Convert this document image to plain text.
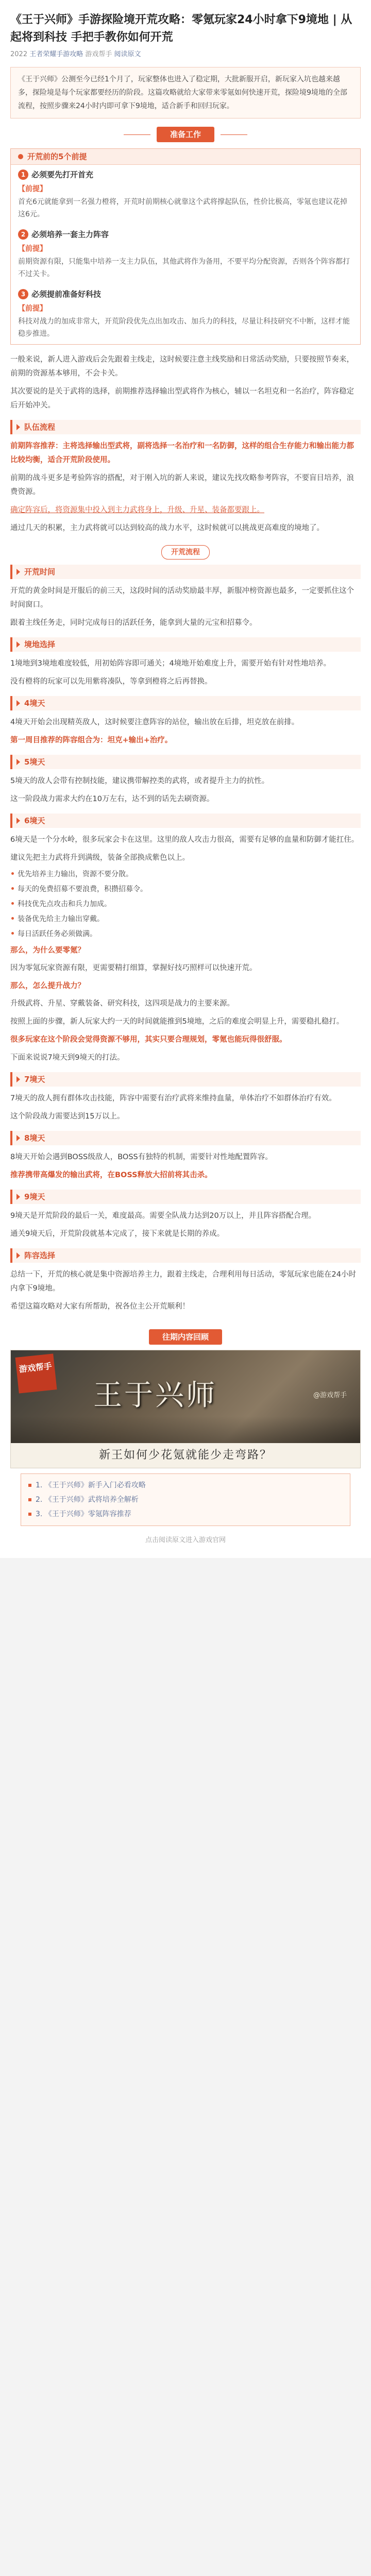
《王于兴师》手游探险境开荒攻略：零氪玩家24小时拿下9境地 | 从起将到科技 手把手教你如何开荒
2022 王者荣耀手游攻略 游戏帮手 阅读原文
《王于兴师》公测至今已经1个月了，玩家整体也进入了稳定期，大批新服开启，新玩家入坑也越来越多，探险境是每个玩家都要经历的阶段。这篇攻略就给大家带来零氪如何快速开荒，探险境9境地的全部流程，按照步骤来24小时内即可拿下9境地，适合新手和回归玩家。
准备工作
开荒前的5个前提
1 必须要先打开首充
【前提】

首充6元就能拿到一名强力橙将，开荒时前期核心就靠这个武将撑起队伍，性价比极高，零氪也建议花掉这6元。

2 必须培养一套主力阵容
【前提】

前期资源有限，只能集中培养一支主力队伍，其他武将作为备用，不要平均分配资源，否则各个阵容都打不过关卡。

3 必须提前准备好科技
【前提】

科技对战力的加成非常大，开荒阶段优先点出加攻击、加兵力的科技，尽量让科技研究不中断，这样才能稳步推进。

一般来说，新人进入游戏后会先跟着主线走，这时候要注意主线奖励和日常活动奖励，只要按照节奏来，前期的资源基本够用，不会卡关。

其次要说的是关于武将的选择，前期推荐选择输出型武将作为核心，辅以一名坦克和一名治疗，阵容稳定后开始冲关。

队伍流程

前期阵容推荐：主将选择输出型武将，副将选择一名治疗和一名防御，这样的组合生存能力和输出能力都比较均衡，适合开荒阶段使用。

前期的战斗更多是考验阵容的搭配，对于刚入坑的新人来说，建议先找攻略参考阵容，不要盲目培养，浪费资源。

确定阵容后，将资源集中投入到主力武将身上，升级、升星、装备都要跟上。

通过几天的积累，主力武将就可以达到较高的战力水平，这时候就可以挑战更高难度的境地了。

开荒流程
开荒时间

开荒的黄金时间是开服后的前三天，这段时间的活动奖励最丰厚，新服冲榜资源也最多，一定要抓住这个时间窗口。

跟着主线任务走，同时完成每日的活跃任务，能拿到大量的元宝和招募令。

境地选择

1境地到3境地难度较低，用初始阵容即可通关；4境地开始难度上升，需要开始有针对性地培养。

没有橙将的玩家可以先用紫将凑队，等拿到橙将之后再替换。

4境天

4境天开始会出现精英敌人，这时候要注意阵容的站位，输出放在后排，坦克放在前排。

第一周目推荐的阵容组合为：坦克+输出+治疗。

5境天

5境天的敌人会带有控制技能，建议携带解控类的武将，或者提升主力的抗性。

这一阶段战力需求大约在10万左右，达不到的话先去刷资源。

6境天

6境天是一个分水岭，很多玩家会卡在这里。这里的敌人攻击力很高，需要有足够的血量和防御才能扛住。

建议先把主力武将升到满级，装备全部换成紫色以上。

优先培养主力输出，资源不要分散。
每天的免费招募不要浪费，积攒招募令。
科技优先点攻击和兵力加成。
装备优先给主力输出穿戴。
每日活跃任务必须做满。
那么，为什么要零氪？

因为零氪玩家资源有限，更需要精打细算，掌握好技巧照样可以快速开荒。

那么，怎么提升战力？

升级武将、升星、穿戴装备、研究科技，这四项是战力的主要来源。

按照上面的步骤，新人玩家大约一天的时间就能推到5境地，之后的难度会明显上升，需要稳扎稳打。

很多玩家在这个阶段会觉得资源不够用，其实只要合理规划，零氪也能玩得很舒服。

下面来说说7境天到9境天的打法。

7境天

7境天的敌人拥有群体攻击技能，阵容中需要有治疗武将来维持血量，单体治疗不如群体治疗有效。

这个阶段战力需要达到15万以上。

8境天

8境天开始会遇到BOSS级敌人，BOSS有独特的机制，需要针对性地配置阵容。

推荐携带高爆发的输出武将，在BOSS释放大招前将其击杀。

9境天

9境天是开荒阶段的最后一关，难度最高。需要全队战力达到20万以上，并且阵容搭配合理。

通关9境天后，开荒阶段就基本完成了，接下来就是长期的养成。

阵容选择

总结一下，开荒的核心就是集中资源培养主力，跟着主线走，合理利用每日活动，零氪玩家也能在24小时内拿下9境地。

希望这篇攻略对大家有所帮助，祝各位主公开荒顺利！

往期内容回顾
游戏帮手
王于兴师	@游戏帮手
新王如何少花氪就能少走弯路？
1. 《王于兴师》新手入门必看攻略
2. 《王于兴师》武将培养全解析
3. 《王于兴师》零氪阵容推荐
点击阅读原文进入游戏官网
